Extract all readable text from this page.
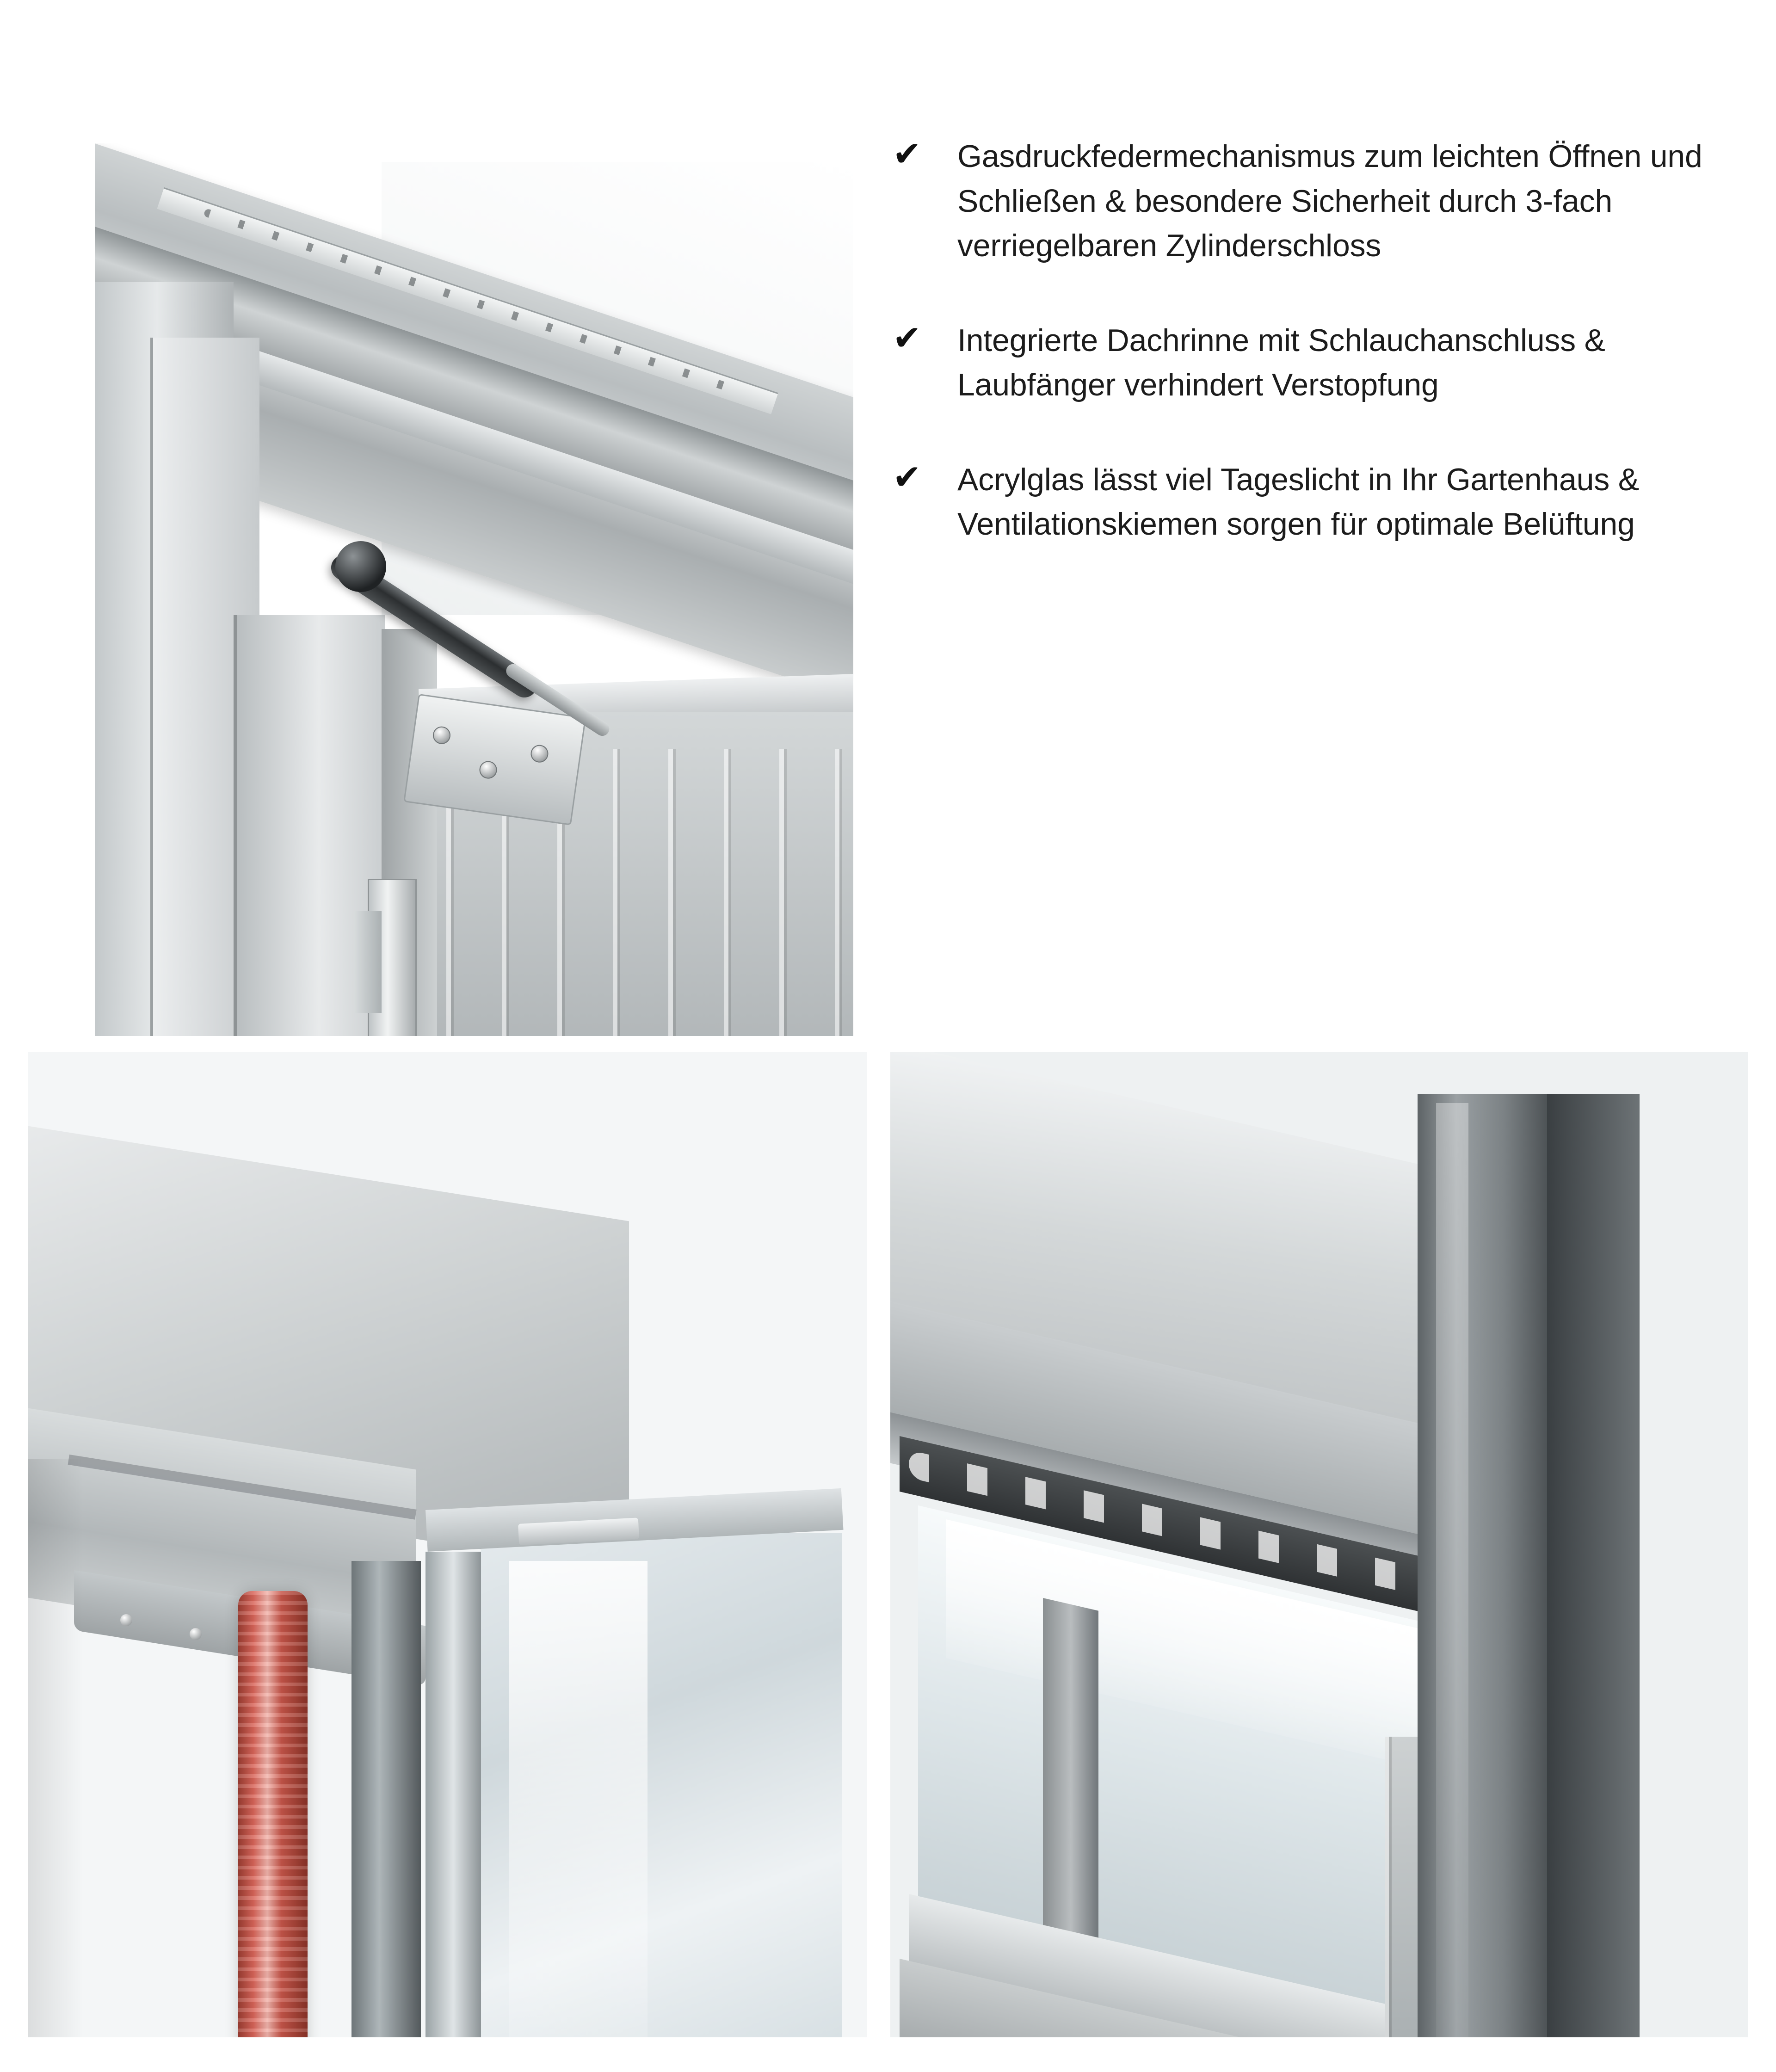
✔	Gasdruckfedermechanismus zum leichten Öffnen und Schließen & besondere Sicherheit durch 3-fach verriegelbaren Zylinderschloss
✔	Integrierte Dachrinne mit Schlauchanschluss & Laubfänger verhindert Verstopfung
✔	Acrylglas lässt viel Tageslicht in Ihr Gartenhaus & Ventilationskiemen sorgen für optimale Belüftung
